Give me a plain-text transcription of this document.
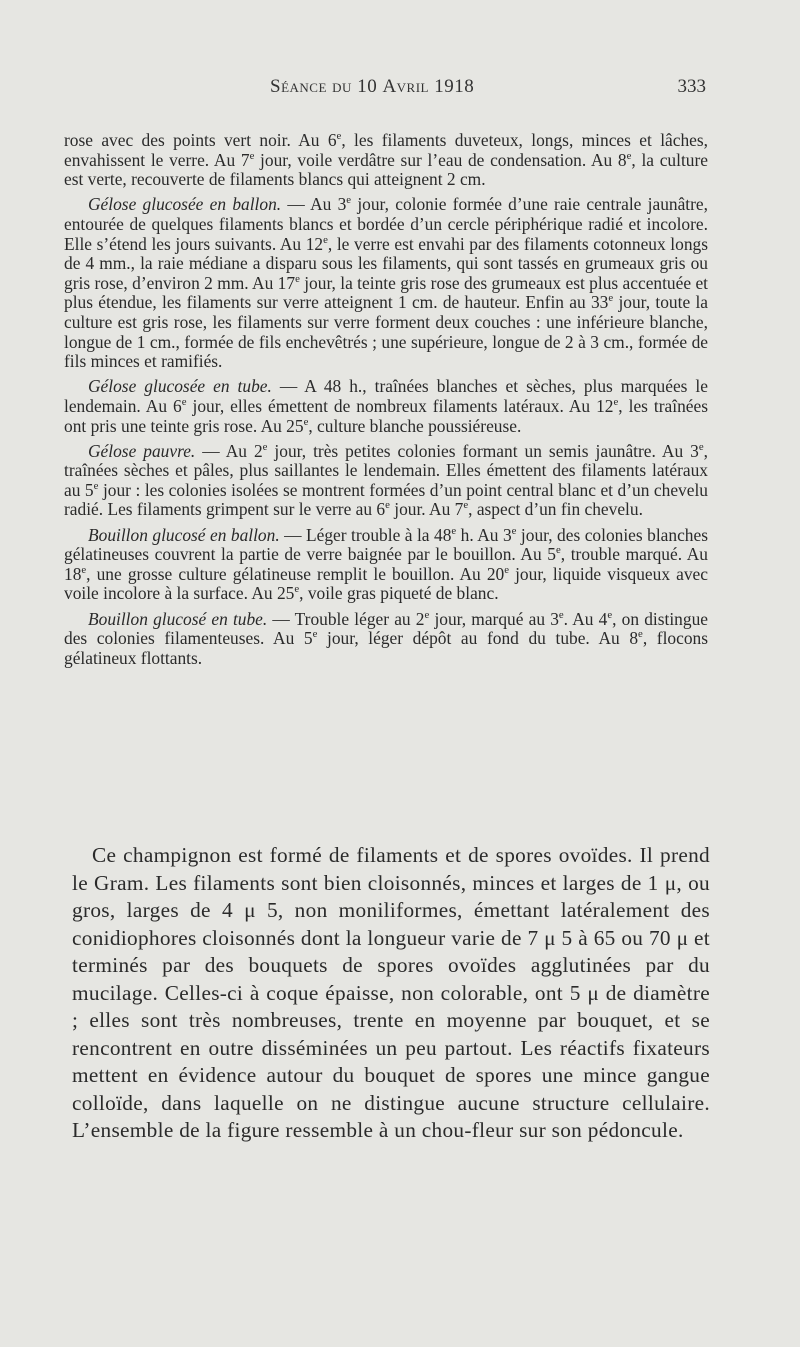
Séance du 10 Avril 1918	333

rose avec des points vert noir. Au 6e, les filaments duveteux, longs, minces et lâches, envahissent le verre. Au 7e jour, voile verdâtre sur l’eau de condensation. Au 8e, la culture est verte, recouverte de filaments blancs qui atteignent 2 cm.

Gélose glucosée en ballon. — Au 3e jour, colonie formée d’une raie centrale jaunâtre, entourée de quelques filaments blancs et bordée d’un cercle périphérique radié et incolore. Elle s’étend les jours suivants. Au 12e, le verre est envahi par des filaments cotonneux longs de 4 mm., la raie médiane a disparu sous les filaments, qui sont tassés en grumeaux gris ou gris rose, d’environ 2 mm. Au 17e jour, la teinte gris rose des grumeaux est plus accentuée et plus étendue, les filaments sur verre atteignent 1 cm. de hauteur. Enfin au 33e jour, toute la culture est gris rose, les filaments sur verre forment deux couches : une inférieure blanche, longue de 1 cm., formée de fils enchevêtrés ; une supérieure, longue de 2 à 3 cm., formée de fils minces et ramifiés.

Gélose glucosée en tube. — A 48 h., traînées blanches et sèches, plus marquées le lendemain. Au 6e jour, elles émettent de nombreux filaments latéraux. Au 12e, les traînées ont pris une teinte gris rose. Au 25e, culture blanche poussiéreuse.

Gélose pauvre. — Au 2e jour, très petites colonies formant un semis jaunâtre. Au 3e, traînées sèches et pâles, plus saillantes le lendemain. Elles émettent des filaments latéraux au 5e jour : les colonies isolées se montrent formées d’un point central blanc et d’un chevelu radié. Les filaments grimpent sur le verre au 6e jour. Au 7e, aspect d’un fin chevelu.

Bouillon glucosé en ballon. — Léger trouble à la 48e h. Au 3e jour, des colonies blanches gélatineuses couvrent la partie de verre baignée par le bouillon. Au 5e, trouble marqué. Au 18e, une grosse culture gélatineuse remplit le bouillon. Au 20e jour, liquide visqueux avec voile incolore à la surface. Au 25e, voile gras piqueté de blanc.

Bouillon glucosé en tube. — Trouble léger au 2e jour, marqué au 3e. Au 4e, on distingue des colonies filamenteuses. Au 5e jour, léger dépôt au fond du tube. Au 8e, flocons gélatineux flottants.

Ce champignon est formé de filaments et de spores ovoïdes. Il prend le Gram. Les filaments sont bien cloisonnés, minces et larges de 1 μ, ou gros, larges de 4 μ 5, non moniliformes, émettant latéralement des conidiophores cloisonnés dont la longueur varie de 7 μ 5 à 65 ou 70 μ et terminés par des bouquets de spores ovoïdes agglutinées par du mucilage. Celles-ci à coque épaisse, non colorable, ont 5 μ de diamètre ; elles sont très nombreuses, trente en moyenne par bouquet, et se rencontrent en outre disséminées un peu partout. Les réactifs fixateurs mettent en évidence autour du bouquet de spores une mince gangue colloïde, dans laquelle on ne distingue aucune structure cellulaire. L’ensemble de la figure ressemble à un chou-fleur sur son pédoncule.
